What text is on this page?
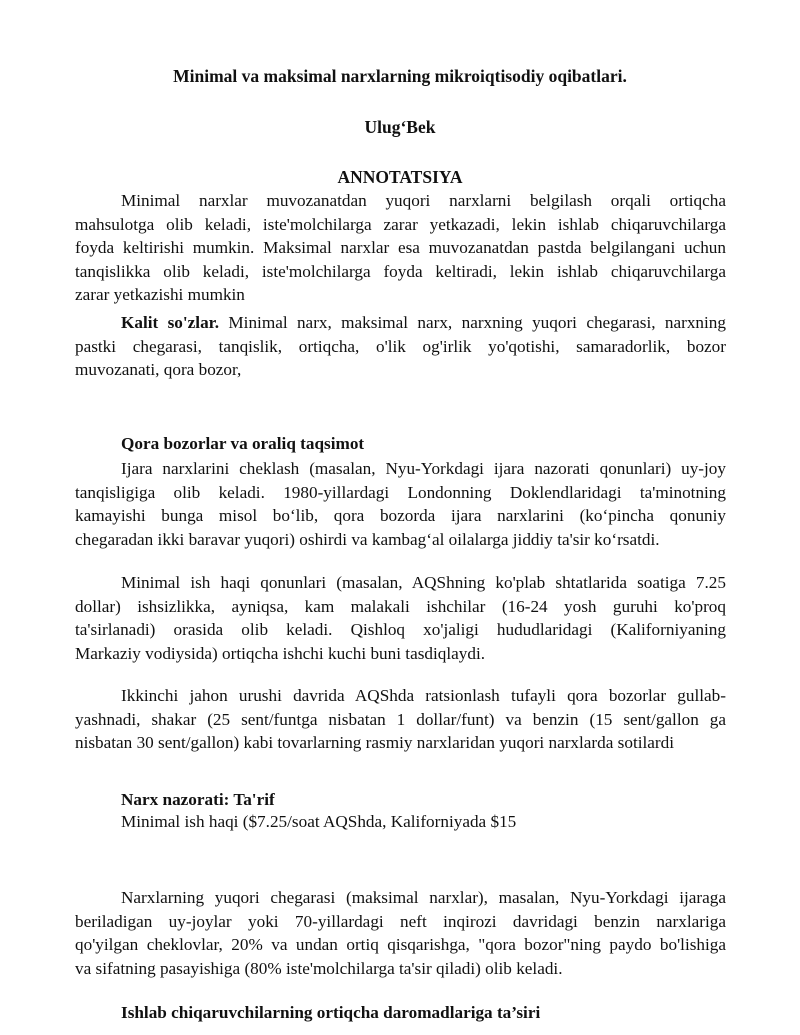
Minimal va maksimal narxlarning mikroiqtisodiy oqibatlari.
Ulug‘Bek
ANNOTATSIYA
Minimal narxlar muvozanatdan yuqori narxlarni belgilash orqali ortiqcha
mahsulotga olib keladi, iste'molchilarga zarar yetkazadi, lekin ishlab chiqaruvchilarga
foyda keltirishi mumkin. Maksimal narxlar esa muvozanatdan pastda belgilangani uchun
tanqislikka olib keladi, iste'molchilarga foyda keltiradi, lekin ishlab chiqaruvchilarga
zarar yetkazishi mumkin
Kalit so'zlar. Minimal narx, maksimal narx, narxning yuqori chegarasi, narxning
pastki chegarasi, tanqislik, ortiqcha, o'lik og'irlik yo'qotishi, samaradorlik, bozor
muvozanati, qora bozor,
Qora bozorlar va oraliq taqsimot
Ijara narxlarini cheklash (masalan, Nyu-Yorkdagi ijara nazorati qonunlari) uy-joy
tanqisligiga olib keladi. 1980-yillardagi Londonning Doklendlaridagi ta'minotning
kamayishi bunga misol bo‘lib, qora bozorda ijara narxlarini (ko‘pincha qonuniy
chegaradan ikki baravar yuqori) oshirdi va kambag‘al oilalarga jiddiy ta'sir ko‘rsatdi.
Minimal ish haqi qonunlari (masalan, AQShning ko'plab shtatlarida soatiga 7.25
dollar) ishsizlikka, ayniqsa, kam malakali ishchilar (16-24 yosh guruhi ko'proq
ta'sirlanadi) orasida olib keladi. Qishloq xo'jaligi hududlaridagi (Kaliforniyaning
Markaziy vodiysida) ortiqcha ishchi kuchi buni tasdiqlaydi.
Ikkinchi jahon urushi davrida AQShda ratsionlash tufayli qora bozorlar gullab-
yashnadi, shakar (25 sent/funtga nisbatan 1 dollar/funt) va benzin (15 sent/gallon ga
nisbatan 30 sent/gallon) kabi tovarlarning rasmiy narxlaridan yuqori narxlarda sotilardi
Narx nazorati: Ta'rif
Minimal ish haqi ($7.25/soat AQShda, Kaliforniyada $15
Narxlarning yuqori chegarasi (maksimal narxlar), masalan, Nyu-Yorkdagi ijaraga
beriladigan uy-joylar yoki 70-yillardagi neft inqirozi davridagi benzin narxlariga
qo'yilgan cheklovlar, 20% va undan ortiq qisqarishga, "qora bozor"ning paydo bo'lishiga
va sifatning pasayishiga (80% iste'molchilarga ta'sir qiladi) olib keladi.
Ishlab chiqaruvchilarning ortiqcha daromadlariga ta’siri
